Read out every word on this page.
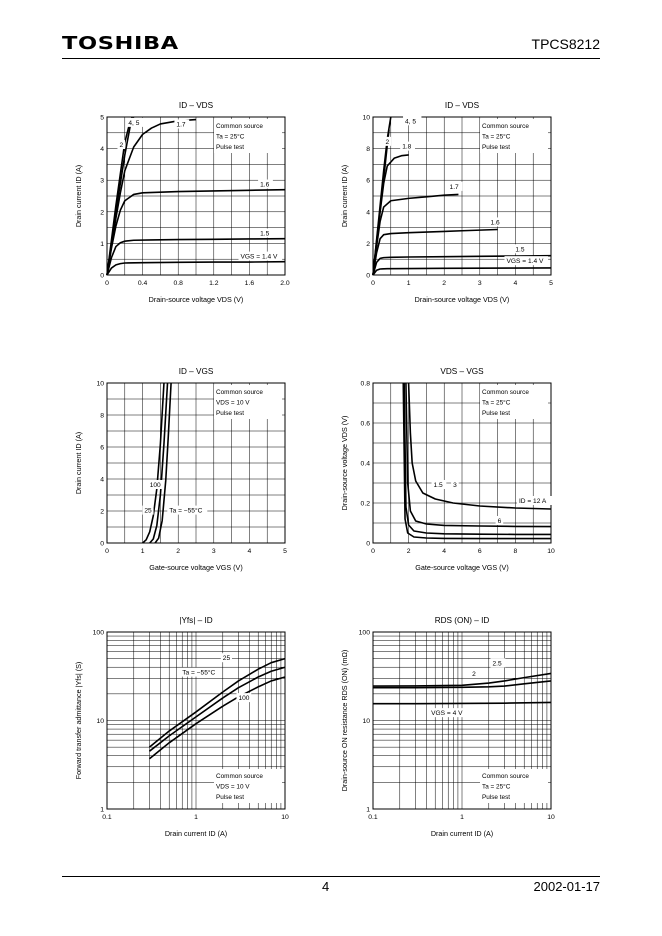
TOSHIBA	TPCS8212
Common source
Ta = 25°C
Pulse test
4, 5
2
1.7
1.6
1.5
VGS = 1.4 V
0	0.4	0.8	1.2	1.6	2.0
0
1
2
3
4
5
ID – VDS
Drain-source voltage VDS (V)
Drain current ID (A)
Common source
Ta = 25°C
Pulse test
4, 5
2
1.8
1.7
1.6
1.5
VGS = 1.4 V
0	1	2	3	4	5
0
2
4
6
8
10
ID – VDS
Drain-source voltage VDS (V)
Drain current ID (A)
Common source
VDS = 10 V
Pulse test
100
25	Ta = −55°C
0	1	2	3	4	5
0
2
4
6
8
10
ID – VGS
Gate-source voltage VGS (V)
Drain current ID (A)
Common source
Ta = 25°C
Pulse test
1.5 3
ID = 12 A
6
0	2	4	6	8	10
0
0.2
0.4
0.6
0.8
VDS – VGS
Gate-source voltage VGS (V)
Drain-source voltage VDS (V)
Common source
VDS = 10 V
Pulse test
25
Ta = −55°C
100
0.1	1	10
1
10
100
|Yfs| – ID
Drain current ID (A)
Forward transfer admittance |Yfs| (S)	Common source
Ta = 25°C
Pulse test
2.5
2
VGS = 4 V
0.1	1	10
1
10
100
RDS (ON) – ID
Drain current ID (A)
Drain-source ON resistance RDS (ON) (mΩ)
4	2002-01-17
